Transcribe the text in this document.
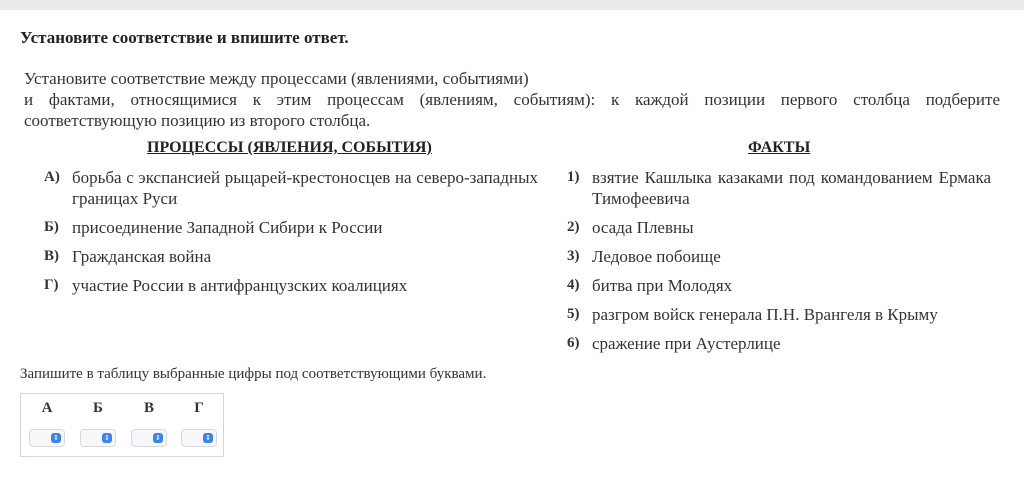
Установите соответствие и впишите ответ.
Установите соответствие между процессами (явлениями, событиями)
и фактами, относящимися к этим процессам (явлениям, событиям): к каждой позиции первого столбца подберите
соответствующую позицию из второго столбца.
ПРОЦЕССЫ (ЯВЛЕНИЯ, СОБЫТИЯ)	ФАКТЫ
А) борьба с экспансией рыцарей-крестоносцев на северо-западных границах Руси
Б) присоединение Западной Сибири к России
В) Гражданская война
Г) участие России в антифранцузских коалициях
1) взятие Кашлыка казаками под командованием Ермака Тимофеевича
2) осада Плевны
3) Ледовое побоище
4) битва при Молодях
5) разгром войск генерала П.Н. Врангеля в Крыму
6) сражение при Аустерлице
Запишите в таблицу выбранные цифры под соответствующими буквами.
А	Б	В	Г
⇕	⇕	⇕	⇕
